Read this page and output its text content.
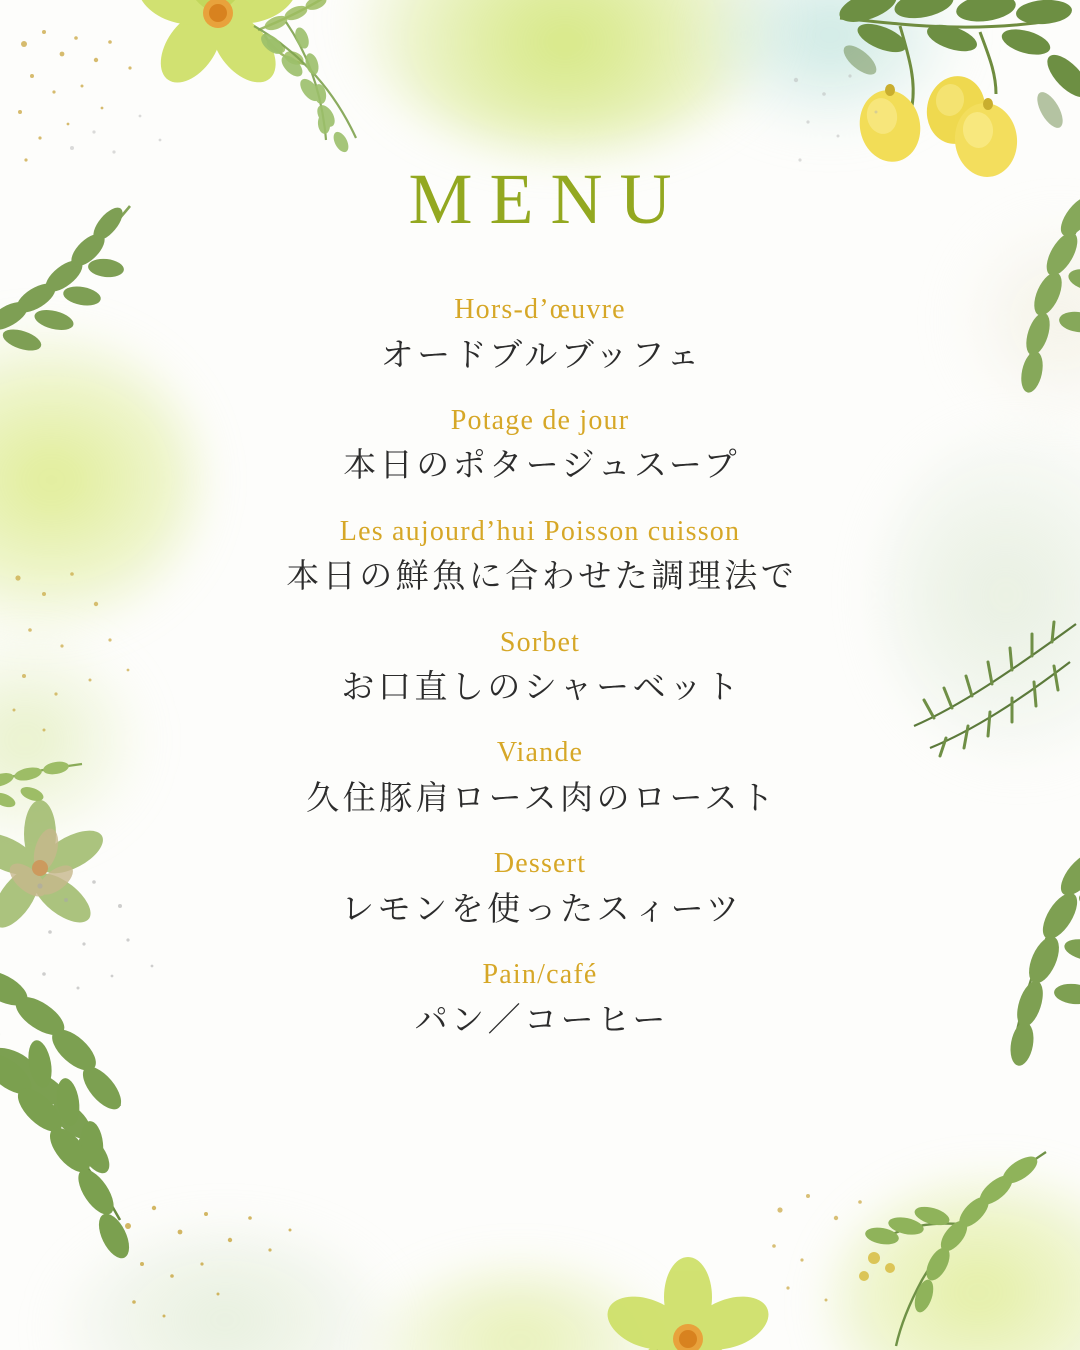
MENU
Hors-d’œuvre
オードブルブッフェ
Potage de jour
本日のポタージュスープ
Les aujourd’hui Poisson cuisson
本日の鮮魚に合わせた調理法で
Sorbet
お口直しのシャーベット
Viande
久住豚肩ロース肉のロースト
Dessert
レモンを使ったスィーツ
Pain/café
パン／コーヒー
